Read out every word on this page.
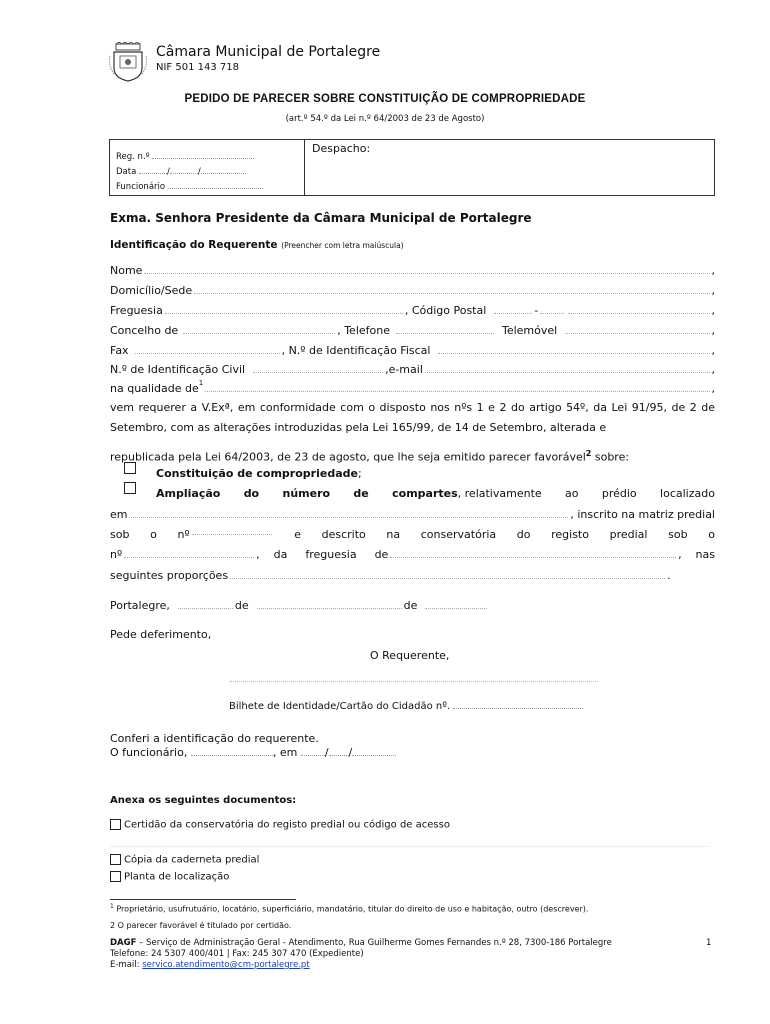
Câmara Municipal de Portalegre
NIF 501 143 718
PEDIDO DE PARECER SOBRE CONSTITUIÇÃO DE COMPROPRIEDADE
(art.º 54.º da Lei n.º 64/2003 de 23 de Agosto)
Reg. n.º
Data	/	/
Funcionário
Despacho:
Exma. Senhora Presidente da Câmara Municipal de Portalegre
Identificação do Requerente (Preencher com letra maiúscula)
Nome	,
Domicílio/Sede	,
Freguesia	, Código Postal	-	,
Concelho de	, Telefone	Telemóvel	,
Fax	, N.º de Identificação Fiscal	,
N.º de Identificação Civil	,e-mail	,
na qualidade $de^1$	,
vem requerer a V.Exª, em conformidade com o disposto nos nºs 1 e 2 do artigo 54º, da Lei 91/95, de 2 de Setembro, com as alterações introduzidas pela Lei 165/99, de 14 de Setembro, alterada e
republicada pela Lei 64/2003, de 23 de agosto, que lhe seja emitido parecer favorável$^2$ sobre:
Constituição de compropriedade;
Ampliação do número de compartes, relativamente ao prédio localizado
em	, inscrito na matriz predial
sob o nº	e descrito na conservatória do registo predial sob o
nº	, da freguesia de	,    nas
seguintes proporções	.
Portalegre,	de	de
Pede deferimento,
O Requerente,
Bilhete de Identidade/Cartão do Cidadão nº.
Conferi a identificação do requerente.
O funcionário,	, em	/ /
Anexa os seguintes documentos:
Certidão da conservatória do registo predial ou código de acesso
Cópia da caderneta predial
Planta de localização
$^1$ Proprietário, usufrutuário, locatário, superficiário, mandatário, titular do direito de uso e habitação, outro (descrever).
2 O parecer favorável é titulado por certidão.
DAGF – Serviço de Administração Geral - Atendimento, Rua Guilherme Gomes Fernandes n.º 28, 7300-186 Portalegre
Telefone: 24 5307 400/401 | Fax: 245 307 470 (Expediente)
E-mail: servico.atendimento@cm-portalegre.pt
1
